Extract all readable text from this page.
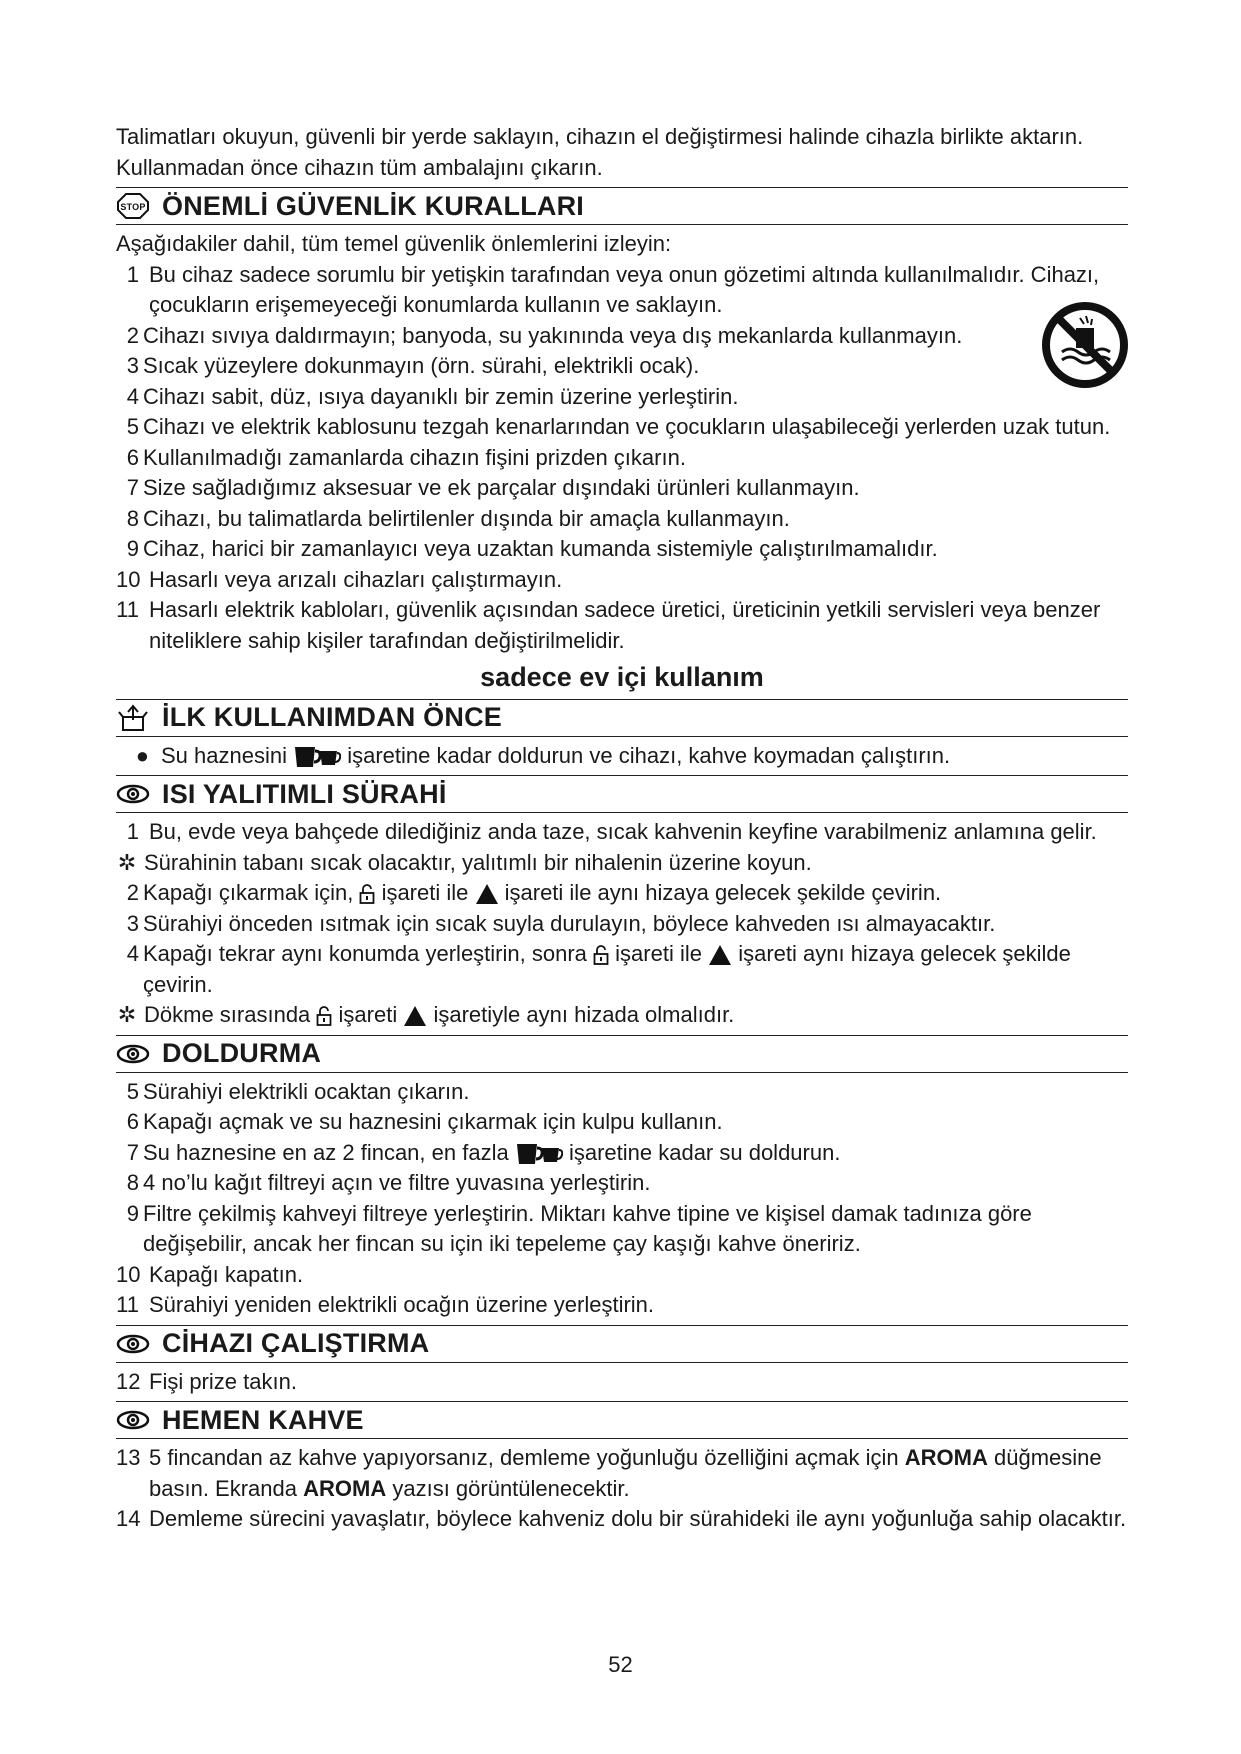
Talimatları okuyun, güvenli bir yerde saklayın, cihazın el değiştirmesi halinde cihazla birlikte aktarın. Kullanmadan önce cihazın tüm ambalajını çıkarın.

STOP ÖNEMLİ GÜVENLİK KURALLARI

Aşağıdakiler dahil, tüm temel güvenlik önlemlerini izleyin:

1 Bu cihaz sadece sorumlu bir yetişkin tarafından veya onun gözetimi altında kullanılmalıdır. Cihazı, çocukların erişemeyeceği konumlarda kullanın ve saklayın.
2 Cihazı sıvıya daldırmayın; banyoda, su yakınında veya dış mekanlarda kullanmayın.
3 Sıcak yüzeylere dokunmayın (örn. sürahi, elektrikli ocak).
4 Cihazı sabit, düz, ısıya dayanıklı bir zemin üzerine yerleştirin.
5 Cihazı ve elektrik kablosunu tezgah kenarlarından ve çocukların ulaşabileceği yerlerden uzak tutun.
6 Kullanılmadığı zamanlarda cihazın fişini prizden çıkarın.
7 Size sağladığımız aksesuar ve ek parçalar dışındaki ürünleri kullanmayın.
8 Cihazı, bu talimatlarda belirtilenler dışında bir amaçla kullanmayın.
9 Cihaz, harici bir zamanlayıcı veya uzaktan kumanda sistemiyle çalıştırılmamalıdır.
10 Hasarlı veya arızalı cihazları çalıştırmayın.
11 Hasarlı elektrik kabloları, güvenlik açısından sadece üretici, üreticinin yetkili servisleri veya benzer niteliklere sahip kişiler tarafından değiştirilmelidir.

sadece ev içi kullanım

İLK KULLANIMDAN ÖNCE
● Su haznesini	işaretine kadar doldurun ve cihazı, kahve koymadan çalıştırın.
ISI YALITIMLI SÜRAHİ
1 Bu, evde veya bahçede dilediğiniz anda taze, sıcak kahvenin keyfine varabilmeniz anlamına gelir.

✲ Sürahinin tabanı sıcak olacaktır, yalıtımlı bir nihalenin üzerine koyun.

2 Kapağı çıkarmak için, işareti ile işareti ile aynı hizaya gelecek şekilde çevirin.
3 Sürahiyi önceden ısıtmak için sıcak suyla durulayın, böylece kahveden ısı almayacaktır.
4 Kapağı tekrar aynı konumda yerleştirin, sonra işareti ile işareti aynı hizaya gelecek şekilde çevirin.

✲ Dökme sırasında işareti işaretiyle aynı hizada olmalıdır.

DOLDURMA
5 Sürahiyi elektrikli ocaktan çıkarın.
6 Kapağı açmak ve su haznesini çıkarmak için kulpu kullanın.
7 Su haznesine en az 2 fincan, en fazla	işaretine kadar su doldurun.
8 4 no’lu kağıt filtreyi açın ve filtre yuvasına yerleştirin.
9 Filtre çekilmiş kahveyi filtreye yerleştirin. Miktarı kahve tipine ve kişisel damak tadınıza göre değişebilir, ancak her fincan su için iki tepeleme çay kaşığı kahve öneririz.
10 Kapağı kapatın.
11 Sürahiyi yeniden elektrikli ocağın üzerine yerleştirin.
CİHAZI ÇALIŞTIRMA
12 Fişi prize takın.
HEMEN KAHVE
13 5 fincandan az kahve yapıyorsanız, demleme yoğunluğu özelliğini açmak için AROMA düğmesine basın. Ekranda AROMA yazısı görüntülenecektir.
14 Demleme sürecini yavaşlatır, böylece kahveniz dolu bir sürahideki ile aynı yoğunluğa sahip olacaktır.
52
